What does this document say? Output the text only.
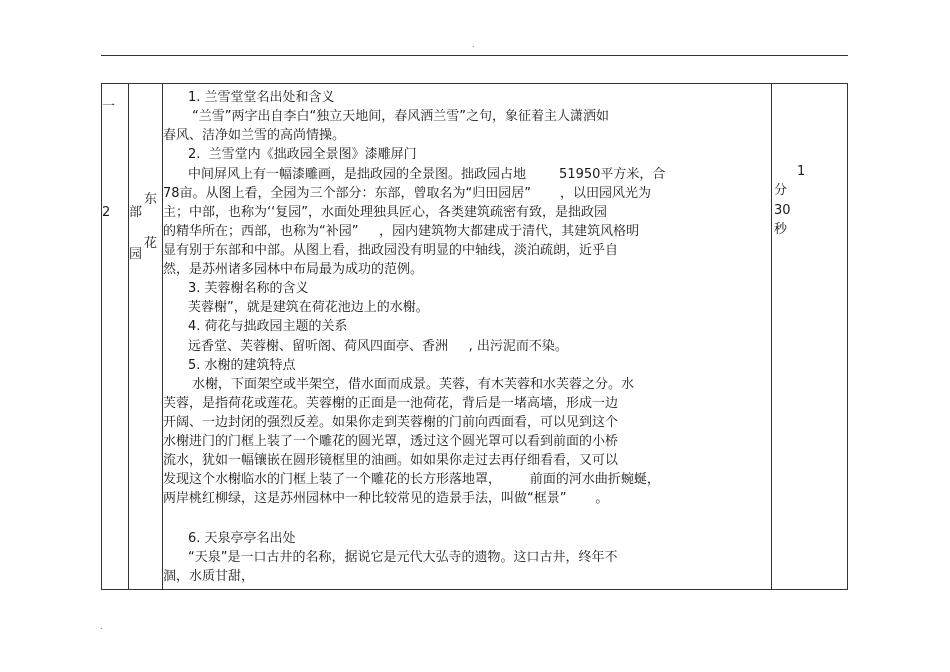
.
一
2 部
园
东
花
1
分
30
秒
1. 兰雪堂堂名出处和含义
“兰雪”两字出自李白“独立天地间，春风洒兰雪”之句，象征着主人潇洒如
春风、洁净如兰雪的高尚情操。
2.  兰雪堂内《拙政园全景图》漆雕屏门
中间屏风上有一幅漆雕画，是拙政园的全景图。拙政园占地        51950平方米，合
78亩。从图上看，全园为三个部分：东部，曾取名为“归田园居”       ，以田园风光为
主；中部，也称为‘‘复园”，水面处理独具匠心，各类建筑疏密有致，是拙政园
的精华所在；西部，也称为“补园”     ，园内建筑物大都建成于清代，其建筑风格明
显有别于东部和中部。从图上看，拙政园没有明显的中轴线，淡泊疏朗，近乎自
然，是苏州诸多园林中布局最为成功的范例。
3. 芙蓉榭名称的含义
芙蓉榭”，就是建筑在荷花池边上的水榭。
4. 荷花与拙政园主题的关系
远香堂、芙蓉榭、留听阁、荷风四面亭、香洲     , 出污泥而不染。
5. 水榭的建筑特点
水榭，下面架空或半架空，借水面而成景。芙蓉，有木芙蓉和水芙蓉之分。水
芙蓉，是指荷花或莲花。芙蓉榭的正面是一池荷花，背后是一堵高墙，形成一边
开阔、一边封闭的强烈反差。如果你走到芙蓉榭的门前向西面看，可以见到这个
水榭进门的门框上装了一个雕花的圆光罩，透过这个圆光罩可以看到前面的小桥
流水，犹如一幅镶嵌在圆形镜框里的油画。如如果你走过去再仔细看看，又可以
发现这个水榭临水的门框上装了一个雕花的长方形落地罩，       前面的河水曲折蜿蜒，
两岸桃红柳绿，这是苏州园林中一种比较常见的造景手法，叫做“框景”       。
6. 天泉亭亭名出处
“天泉”是一口古井的名称，据说它是元代大弘寺的遗物。这口古井，终年不
涸，水质甘甜，
.
